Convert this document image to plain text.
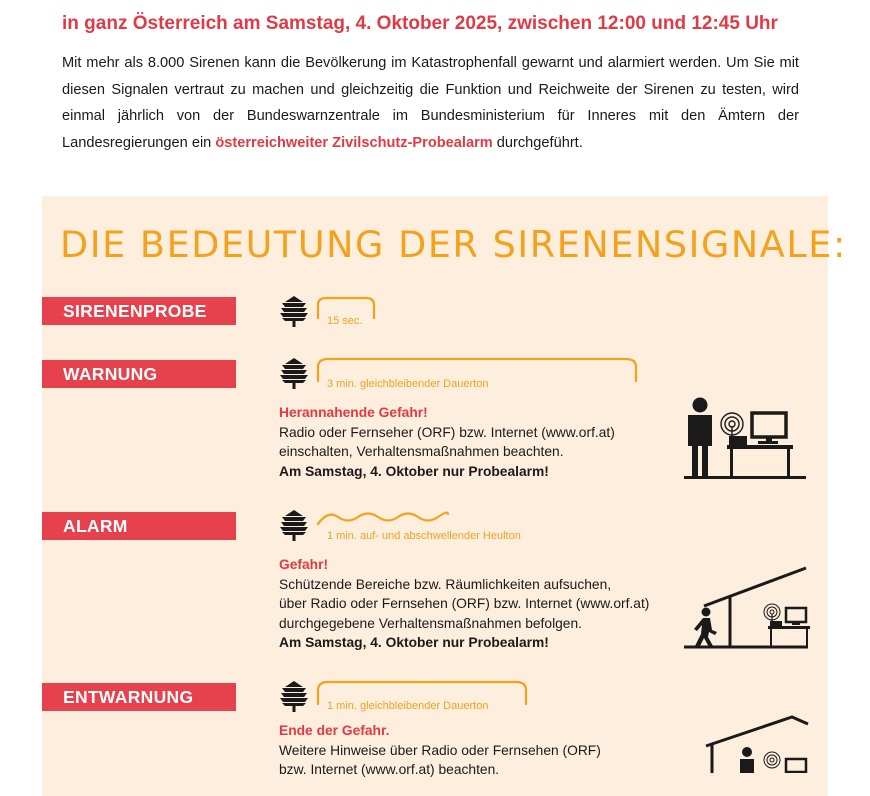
in ganz Österreich am Samstag, 4. Oktober 2025, zwischen 12:00 und 12:45 Uhr
Mit mehr als 8.000 Sirenen kann die Bevölkerung im Katastrophenfall gewarnt und alarmiert werden. Um Sie mit diesen Signalen vertraut zu machen und gleichzeitig die Funktion und Reichweite der Sirenen zu testen, wird einmal jährlich von der Bundeswarnzentrale im Bundesministerium für Inneres mit den Ämtern der Landesregierungen ein österreichweiter Zivilschutz-Probealarm durchgeführt.
DIE BEDEUTUNG DER SIRENENSIGNALE:
SIRENENPROBE	15 sec.
WARNUNG	3 min. gleichbleibender Dauerton
Herannahende Gefahr!
Radio oder Fernseher (ORF) bzw. Internet (www.orf.at)
einschalten, Verhaltensmaßnahmen beachten.
Am Samstag, 4. Oktober nur Probealarm!
ALARM	1 min. auf- und abschwellender Heulton
Gefahr!
Schützende Bereiche bzw. Räumlichkeiten aufsuchen,
über Radio oder Fernsehen (ORF) bzw. Internet (www.orf.at)
durchgegebene Verhaltensmaßnahmen befolgen.
Am Samstag, 4. Oktober nur Probealarm!
ENTWARNUNG	1 min. gleichbleibender Dauerton
Ende der Gefahr.
Weitere Hinweise über Radio oder Fernsehen (ORF)
bzw. Internet (www.orf.at) beachten.
